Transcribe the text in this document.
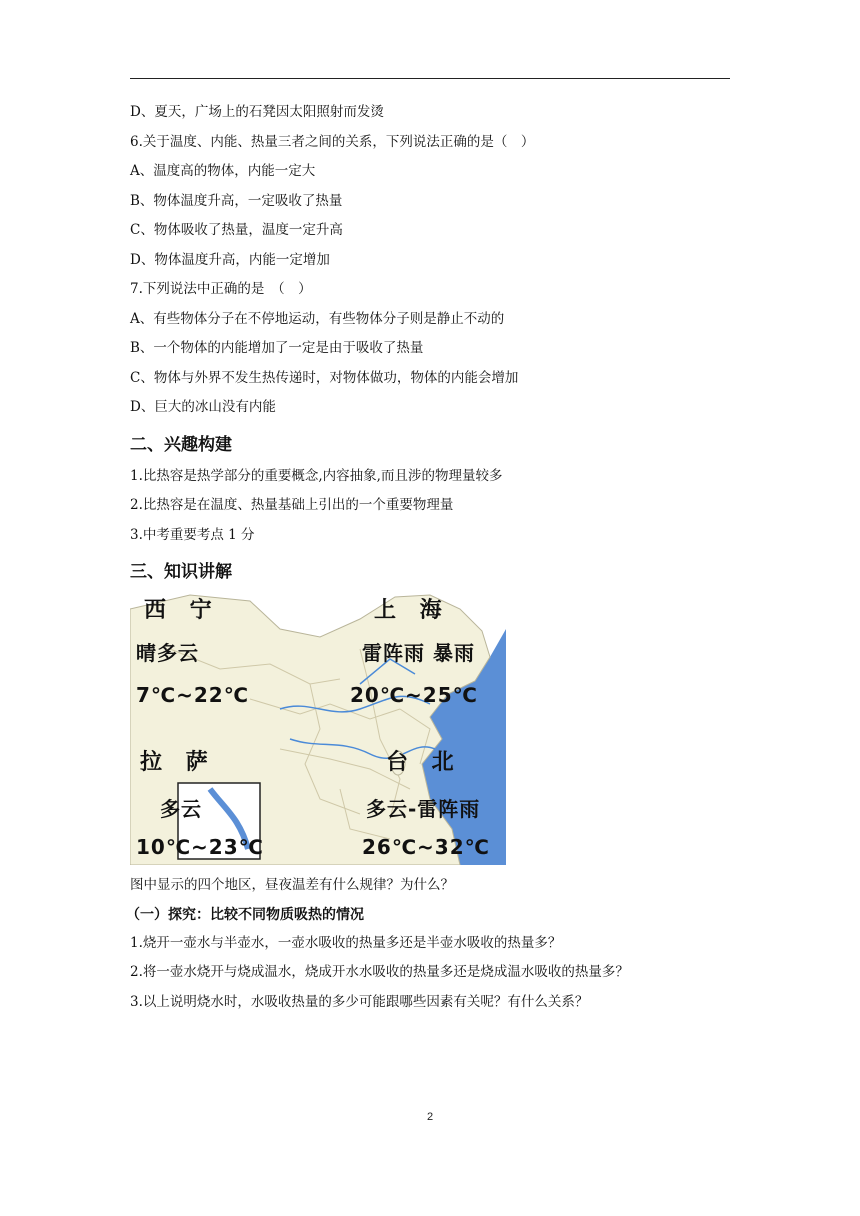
D、夏天，广场上的石凳因太阳照射而发烫
6.关于温度、内能、热量三者之间的关系，下列说法正确的是（　）
A、温度高的物体，内能一定大
B、物体温度升高，一定吸收了热量
C、物体吸收了热量，温度一定升高
D、物体温度升高，内能一定增加
7.下列说法中正确的是　（　）
A、有些物体分子在不停地运动，有些物体分子则是静止不动的
B、一个物体的内能增加了一定是由于吸收了热量
C、物体与外界不发生热传递时，对物体做功，物体的内能会增加
D、巨大的冰山没有内能
二、兴趣构建
1.比热容是热学部分的重要概念,内容抽象,而且涉的物理量较多
2.比热容是在温度、热量基础上引出的一个重要物理量
3.中考重要考点 1 分
三、知识讲解
西 宁
晴多云
7℃~22℃
上 海
雷阵雨 暴雨
20℃~25℃
拉 萨
多云
10℃~23℃
台 北
多云-雷阵雨
26℃~32℃
图中显示的四个地区，昼夜温差有什么规律？为什么？
（一）探究：比较不同物质吸热的情况
1.烧开一壶水与半壶水，一壶水吸收的热量多还是半壶水吸收的热量多？
2.将一壶水烧开与烧成温水，烧成开水水吸收的热量多还是烧成温水吸收的热量多？
3.以上说明烧水时，水吸收热量的多少可能跟哪些因素有关呢？有什么关系？
2
